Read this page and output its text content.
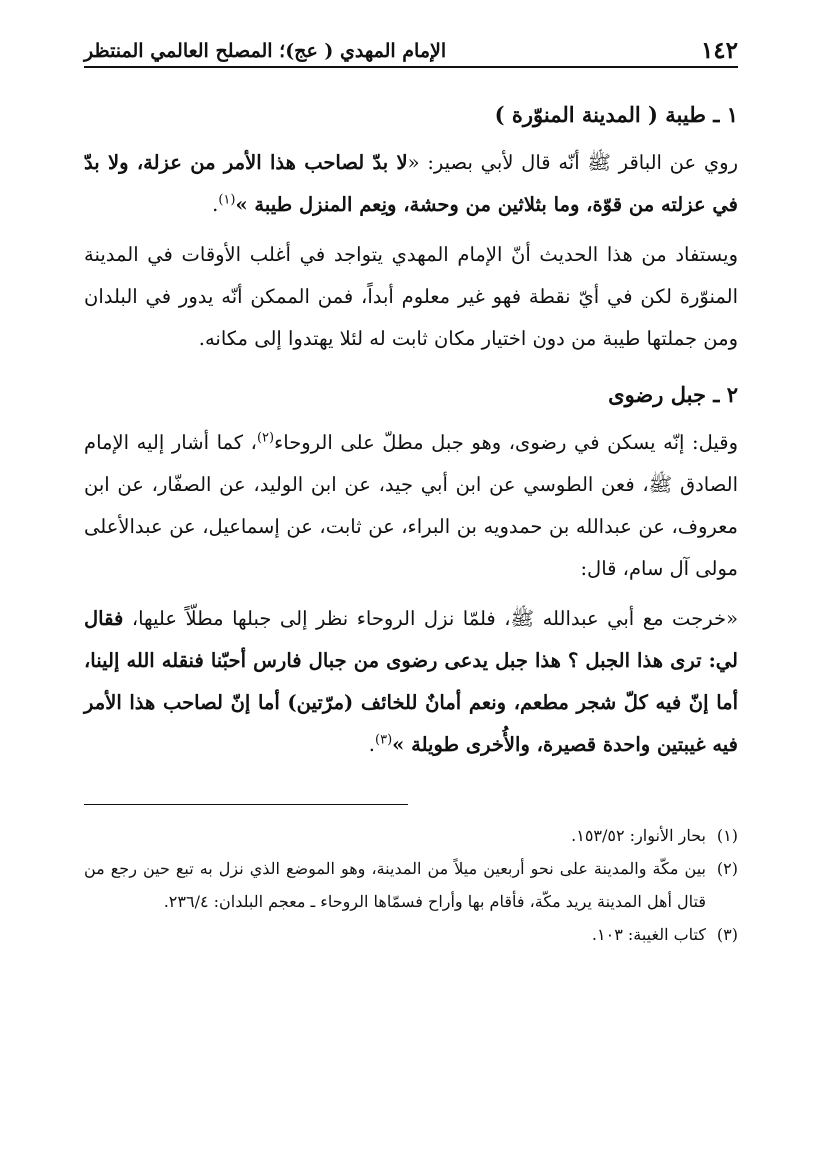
١٤٢
الإمام المهدي ( عج)؛ المصلح العالمي المنتظر
١ ـ طيبة ( المدينة المنوّرة )

روي عن الباقر ﷺ أنّه قال لأبي بصير: «لا بدّ لصاحب هذا الأمر من عزلة، ولا بدّ في عزلته من قوّة، وما بثلاثين من وحشة، ونِعم المنزل طيبة »$^{(١)}$.

ويستفاد من هذا الحديث أنّ الإمام المهدي يتواجد في أغلب الأوقات في المدينة المنوّرة لكن في أيّ نقطة فهو غير معلوم أبداً، فمن الممكن أنّه يدور في البلدان ومن جملتها طيبة من دون اختيار مكان ثابت له لئلا يهتدوا إلى مكانه.

٢ ـ جبل رضوى

وقيل: إنّه يسكن في رضوى، وهو جبل مطلّ على الروحاء$^{(٢)}$، كما أشار إليه الإمام الصادق ﷺ، فعن الطوسي عن ابن أبي جيد، عن ابن الوليد، عن الصفّار، عن ابن معروف، عن عبدالله بن حمدويه بن البراء، عن ثابت، عن إسماعيل، عن عبدالأعلى مولى آل سام، قال:

«خرجت مع أبي عبدالله ﷺ، فلمّا نزل الروحاء نظر إلى جبلها مطلّاً عليها، فقال لي: ترى هذا الجبل ؟ هذا جبل يدعى رضوى من جبال فارس أحبّنا فنقله الله إلينا، أما إنّ فيه كلّ شجر مطعم، ونعم أمانٌ للخائف (مرّتين) أما إنّ لصاحب هذا الأمر فيه غيبتين واحدة قصيرة، والأُخرى طويلة »$^{(٣)}$.

(١)
بحار الأنوار: ١٥٣/٥٢.
(٢)
بين مكّة والمدينة على نحو أربعين ميلاً من المدينة، وهو الموضع الذي نزل به تبع حين رجع من قتال أهل المدينة يريد مكّة، فأقام بها وأراح فسمّاها الروحاء ـ معجم البلدان: ٢٣٦/٤.
(٣)
كتاب الغيبة: ١٠٣.
